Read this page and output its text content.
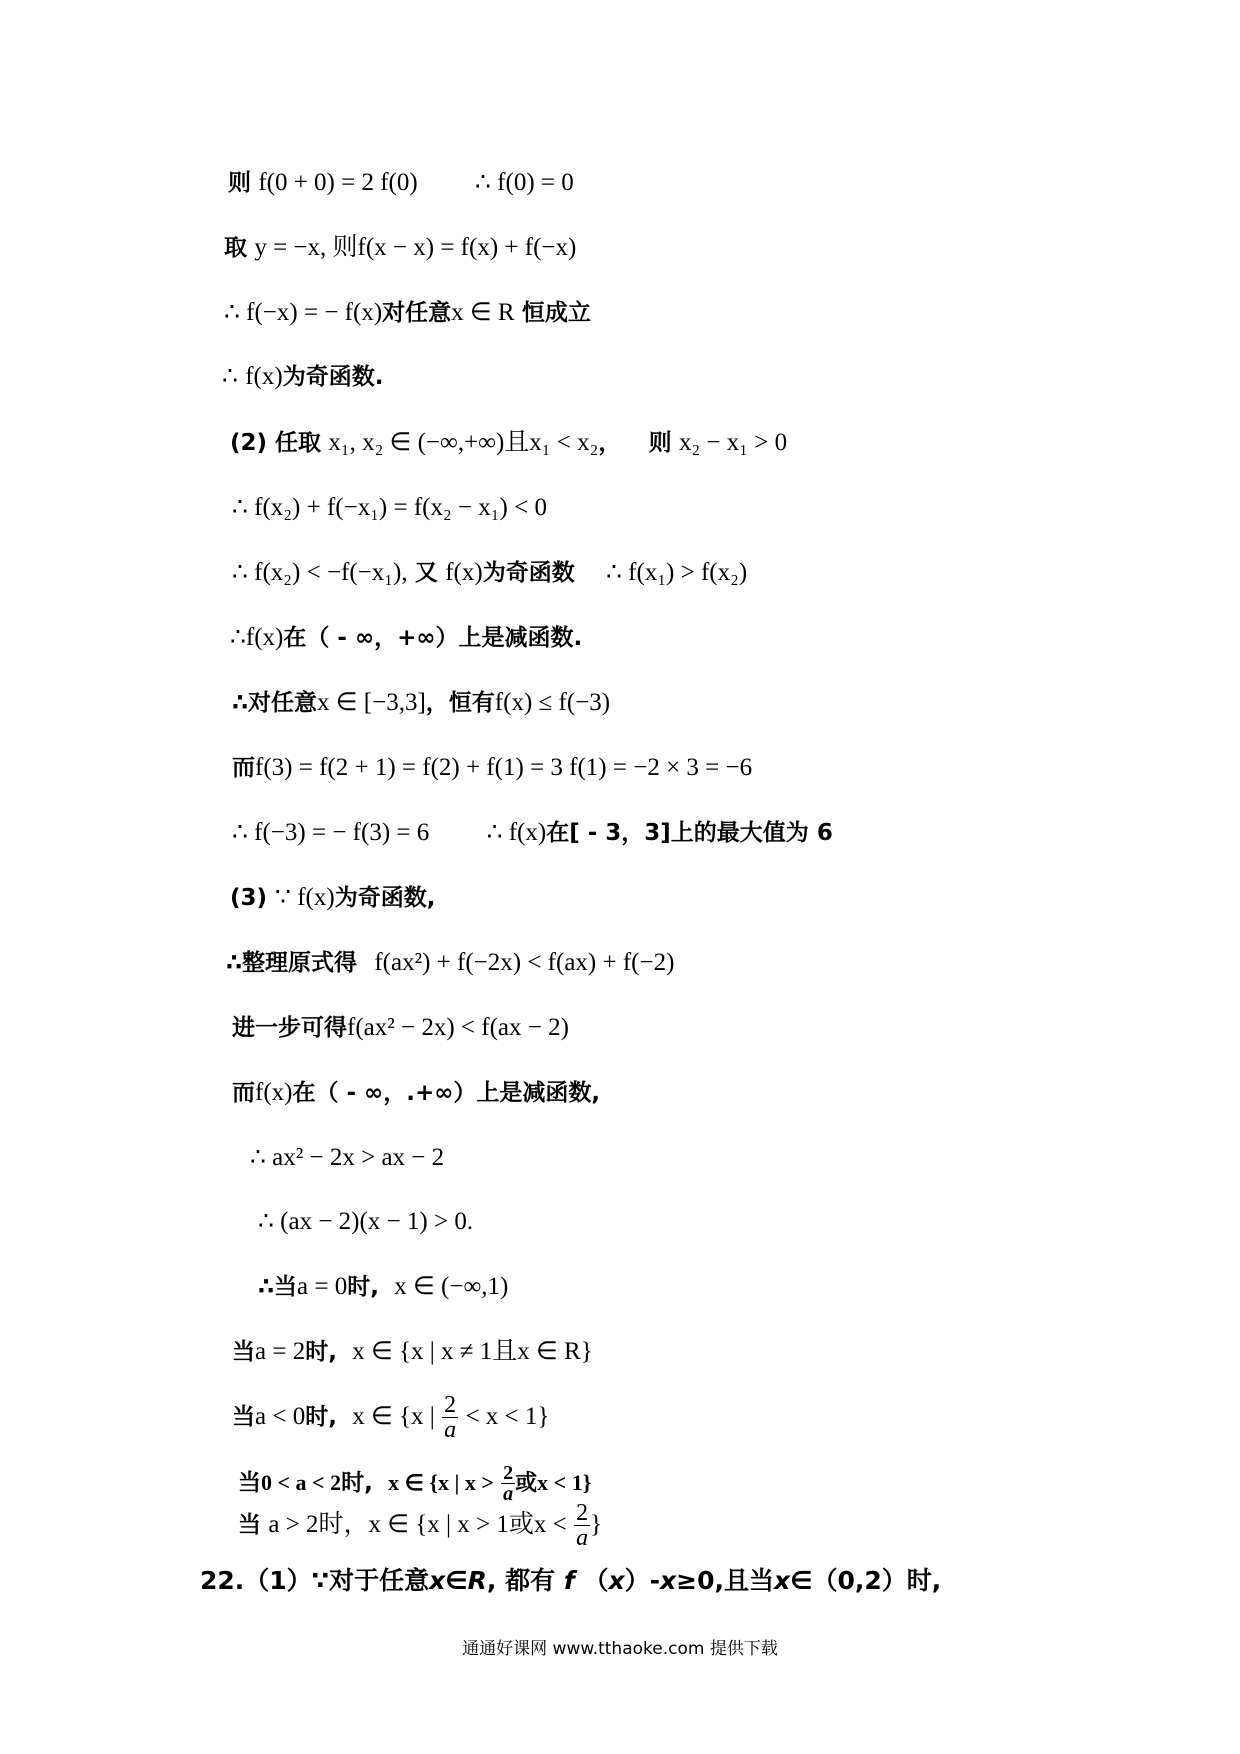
则 f(0 + 0) = 2 f(0) ∴ f(0) = 0
取 y = −x, 则f(x − x) = f(x) + f(−x)
∴ f(−x) = − f(x)对任意x ∈ R 恒成立
∴ f(x)为奇函数.
(2) 任取 x₁, x₂ ∈ (−∞,+∞)且x₁ < x₂， 则 x₂ − x₁ > 0
∴ f(x₂) + f(−x₁) = f(x₂ − x₁) < 0
∴ f(x₂) < −f(−x₁), 又 f(x)为奇函数 ∴ f(x₁) > f(x₂)
∴f(x)在（ - ∞，+∞）上是减函数.
∴对任意x ∈ [−3,3]，恒有f(x) ≤ f(−3)
而f(3) = f(2 + 1) = f(2) + f(1) = 3 f(1) = −2 × 3 = −6
∴ f(−3) = − f(3) = 6 ∴ f(x)在[ - 3，3]上的最大值为 6
(3) ∵ f(x)为奇函数,
∴整理原式得 f(ax²) + f(−2x) < f(ax) + f(−2)
进一步可得f(ax² − 2x) < f(ax − 2)
而f(x)在（ - ∞，.+∞）上是减函数,
∴ ax² − 2x > ax − 2
∴ (ax − 2)(x − 1) > 0.
∴当a = 0时, x ∈ (−∞,1)
当a = 2时, x ∈ {x | x ≠ 1且x ∈ R}
当a < 0时, x ∈ {x | $\frac{2}{a} < x < 1$}
当0 < a < 2时, x ∈ {x | $x > \frac{2}{a}$ 或x < 1}
当 a > 2时，x ∈ {x | x > 1或$x < \frac{2}{a}$ }
22.（1）∵对于任意x∈R, 都有 f （x）-x≥0,且当x∈（0,2）时,
通通好课网 www.tthaoke.com 提供下载
